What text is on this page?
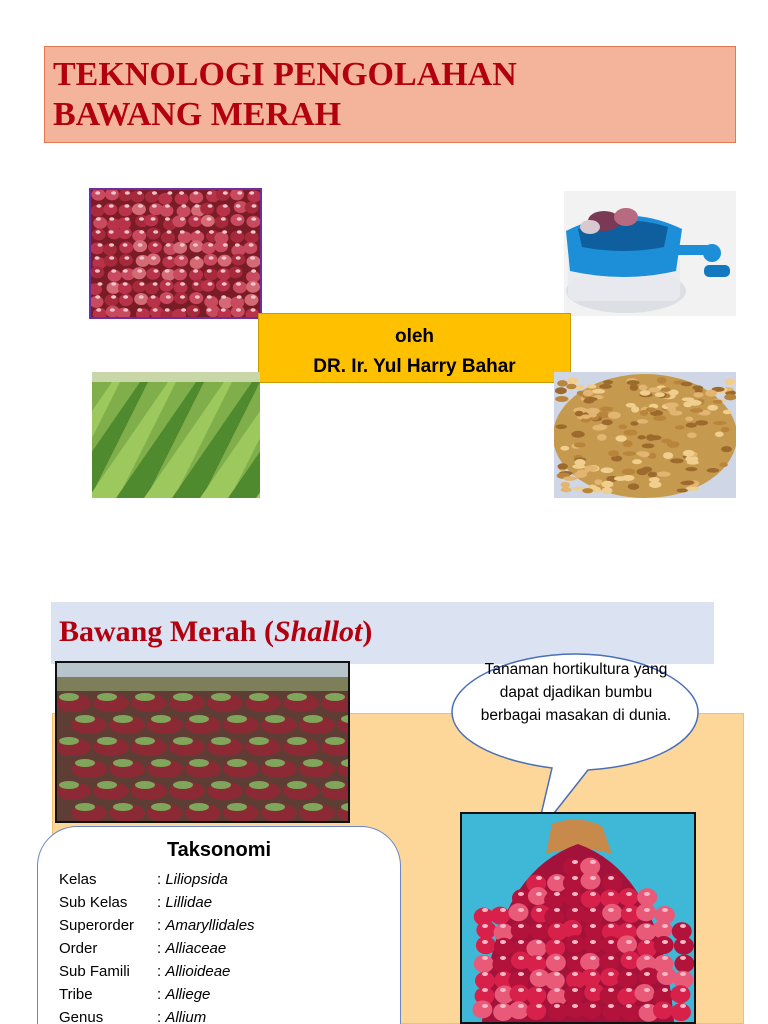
TEKNOLOGI PENGOLAHAN
BAWANG MERAH
oleh
DR. Ir. Yul Harry Bahar
Bawang Merah (Shallot)
Taksonomi
Kelas	: Liliopsida
Sub Kelas	: Lillidae
Superorder	: Amaryllidales
Order	: Alliaceae
Sub Famili	: Allioideae
Tribe	: Alliege
Genus	: Allium
Tanaman hortikultura yang dapat djadikan bumbu berbagai masakan di dunia.
